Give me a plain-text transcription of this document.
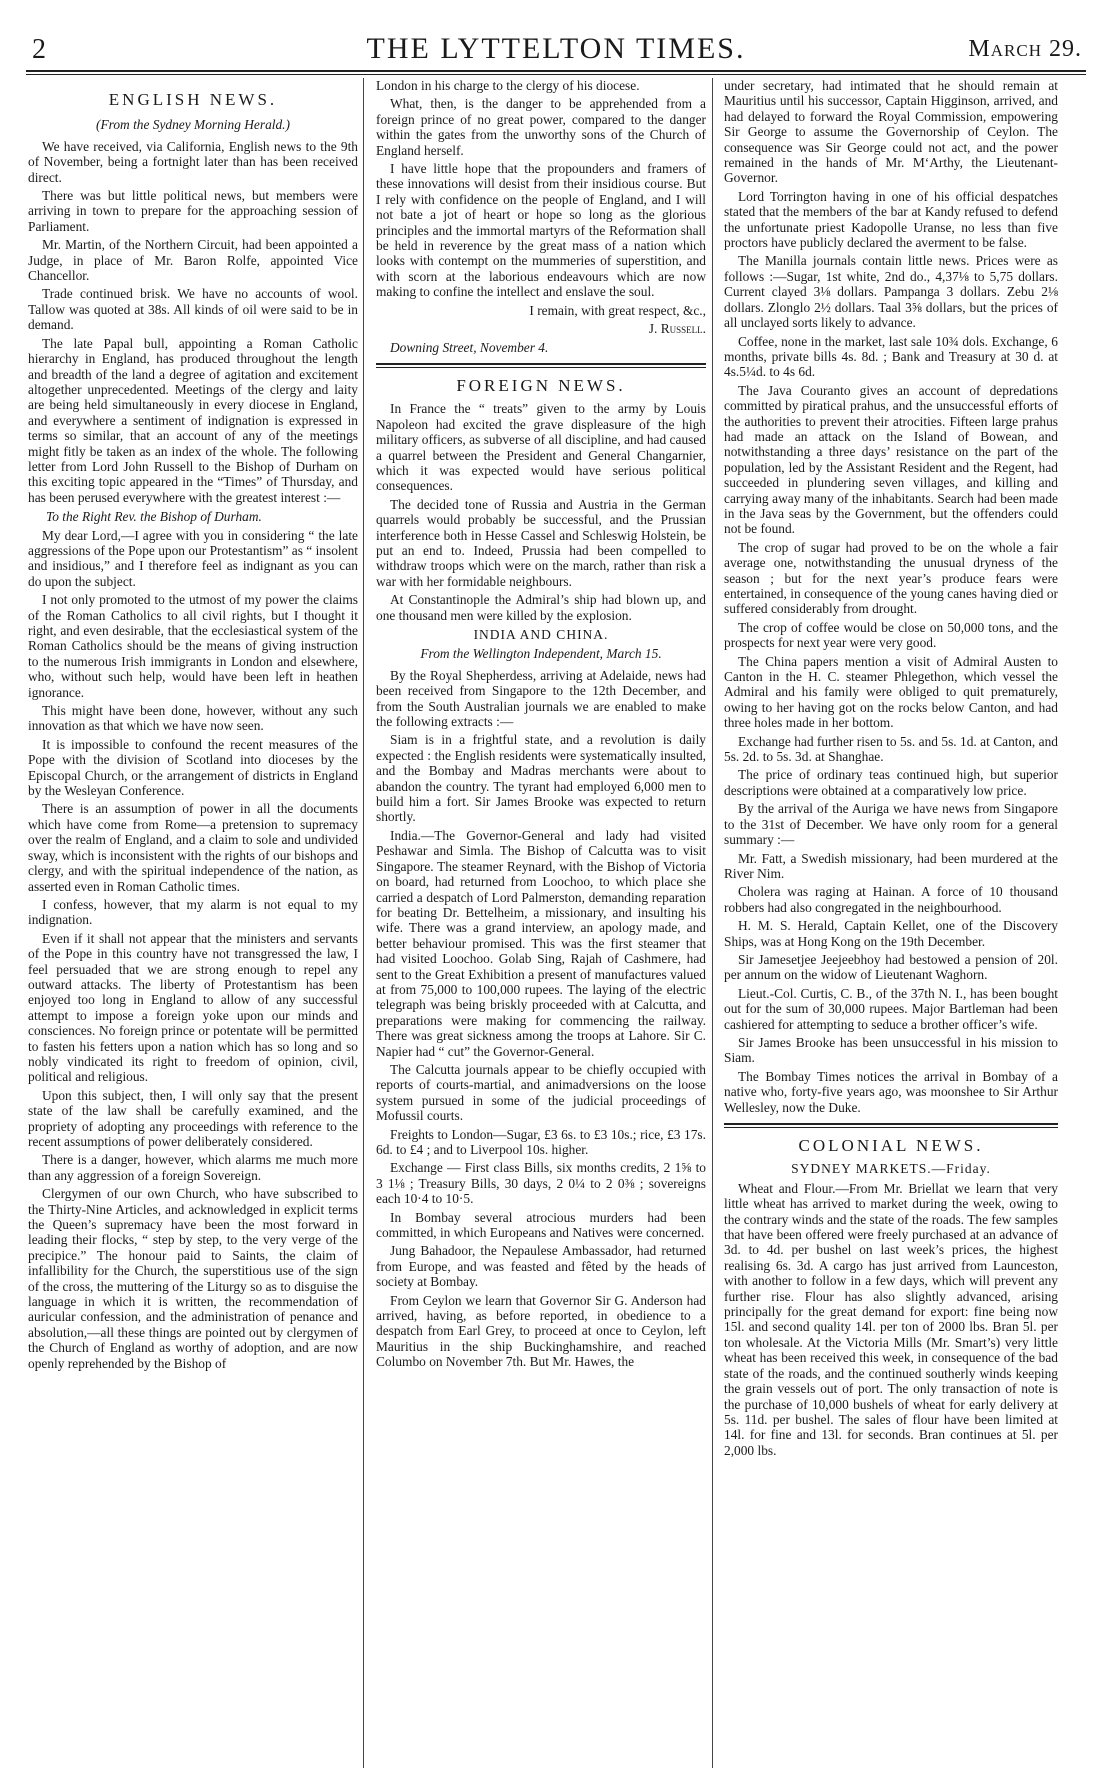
2	THE LYTTELTON TIMES.	March 29.
ENGLISH NEWS.
(From the Sydney Morning Herald.)

We have received, via California, English news to the 9th of November, being a fortnight later than has been received direct.

There was but little political news, but members were arriving in town to prepare for the approaching session of Parliament.

Mr. Martin, of the Northern Circuit, had been appointed a Judge, in place of Mr. Baron Rolfe, appointed Vice Chancellor.

Trade continued brisk. We have no accounts of wool. Tallow was quoted at 38s. All kinds of oil were said to be in demand.

The late Papal bull, appointing a Roman Catholic hierarchy in England, has produced throughout the length and breadth of the land a degree of agitation and excitement altogether unprecedented. Meetings of the clergy and laity are being held simultaneously in every diocese in England, and everywhere a sentiment of indignation is expressed in terms so similar, that an account of any of the meetings might fitly be taken as an index of the whole. The following letter from Lord John Russell to the Bishop of Durham on this exciting topic appeared in the “Times” of Thursday, and has been perused everywhere with the greatest interest :—

To the Right Rev. the Bishop of Durham.

My dear Lord,—I agree with you in considering “ the late aggressions of the Pope upon our Protestantism” as “ insolent and insidious,” and I therefore feel as indignant as you can do upon the subject.

I not only promoted to the utmost of my power the claims of the Roman Catholics to all civil rights, but I thought it right, and even desirable, that the ecclesiastical system of the Roman Catholics should be the means of giving instruction to the numerous Irish immigrants in London and elsewhere, who, without such help, would have been left in heathen ignorance.

This might have been done, however, without any such innovation as that which we have now seen.

It is impossible to confound the recent measures of the Pope with the division of Scotland into dioceses by the Episcopal Church, or the arrangement of districts in England by the Wesleyan Conference.

There is an assumption of power in all the documents which have come from Rome—a pretension to supremacy over the realm of England, and a claim to sole and undivided sway, which is inconsistent with the rights of our bishops and clergy, and with the spiritual independence of the nation, as asserted even in Roman Catholic times.

I confess, however, that my alarm is not equal to my indignation.

Even if it shall not appear that the ministers and servants of the Pope in this country have not transgressed the law, I feel persuaded that we are strong enough to repel any outward attacks. The liberty of Protestantism has been enjoyed too long in England to allow of any successful attempt to impose a foreign yoke upon our minds and consciences. No foreign prince or potentate will be permitted to fasten his fetters upon a nation which has so long and so nobly vindicated its right to freedom of opinion, civil, political and religious.

Upon this subject, then, I will only say that the present state of the law shall be carefully examined, and the propriety of adopting any proceedings with reference to the recent assumptions of power deliberately considered.

There is a danger, however, which alarms me much more than any aggression of a foreign Sovereign.

Clergymen of our own Church, who have subscribed to the Thirty-Nine Articles, and acknowledged in explicit terms the Queen’s supremacy have been the most forward in leading their flocks, “ step by step, to the very verge of the precipice.” The honour paid to Saints, the claim of infallibility for the Church, the superstitious use of the sign of the cross, the muttering of the Liturgy so as to disguise the language in which it is written, the recommendation of auricular confession, and the administration of penance and absolution,—all these things are pointed out by clergymen of the Church of England as worthy of adoption, and are now openly reprehended by the Bishop of

London in his charge to the clergy of his diocese.

What, then, is the danger to be apprehended from a foreign prince of no great power, compared to the danger within the gates from the unworthy sons of the Church of England herself.

I have little hope that the propounders and framers of these innovations will desist from their insidious course. But I rely with confidence on the people of England, and I will not bate a jot of heart or hope so long as the glorious principles and the immortal martyrs of the Reformation shall be held in reverence by the great mass of a nation which looks with contempt on the mummeries of superstition, and with scorn at the laborious endeavours which are now making to confine the intellect and enslave the soul.

I remain, with great respect, &c.,

J. Russell.

Downing Street, November 4.
FOREIGN NEWS.

In France the “ treats” given to the army by Louis Napoleon had excited the grave displeasure of the high military officers, as subverse of all discipline, and had caused a quarrel between the President and General Changarnier, which it was expected would have serious political consequences.

The decided tone of Russia and Austria in the German quarrels would probably be successful, and the Prussian interference both in Hesse Cassel and Schleswig Holstein, be put an end to. Indeed, Prussia had been compelled to withdraw troops which were on the march, rather than risk a war with her formidable neighbours.

At Constantinople the Admiral’s ship had blown up, and one thousand men were killed by the explosion.

INDIA AND CHINA.
From the Wellington Independent, March 15.

By the Royal Shepherdess, arriving at Adelaide, news had been received from Singapore to the 12th December, and from the South Australian journals we are enabled to make the following extracts :—

Siam is in a frightful state, and a revolution is daily expected : the English residents were systematically insulted, and the Bombay and Madras merchants were about to abandon the country. The tyrant had employed 6,000 men to build him a fort. Sir James Brooke was expected to return shortly.

India.—The Governor-General and lady had visited Peshawar and Simla. The Bishop of Calcutta was to visit Singapore. The steamer Reynard, with the Bishop of Victoria on board, had returned from Loochoo, to which place she carried a despatch of Lord Palmerston, demanding reparation for beating Dr. Bettelheim, a missionary, and insulting his wife. There was a grand interview, an apology made, and better behaviour promised. This was the first steamer that had visited Loochoo. Golab Sing, Rajah of Cashmere, had sent to the Great Exhibition a present of manufactures valued at from 75,000 to 100,000 rupees. The laying of the electric telegraph was being briskly proceeded with at Calcutta, and preparations were making for commencing the railway. There was great sickness among the troops at Lahore. Sir C. Napier had “ cut” the Governor-General.

The Calcutta journals appear to be chiefly occupied with reports of courts-martial, and animadversions on the loose system pursued in some of the judicial proceedings of Mofussil courts.

Freights to London—Sugar, £3 6s. to £3 10s.; rice, £3 17s. 6d. to £4 ; and to Liverpool 10s. higher.

Exchange — First class Bills, six months credits, 2 1⅝ to 3 1⅛ ; Treasury Bills, 30 days, 2 0¼ to 2 0⅜ ; sovereigns each 10·4 to 10·5.

In Bombay several atrocious murders had been committed, in which Europeans and Natives were concerned.

Jung Bahadoor, the Nepaulese Ambassador, had returned from Europe, and was feasted and fêted by the heads of society at Bombay.

From Ceylon we learn that Governor Sir G. Anderson had arrived, having, as before reported, in obedience to a despatch from Earl Grey, to proceed at once to Ceylon, left Mauritius in the ship Buckinghamshire, and reached Columbo on November 7th. But Mr. Hawes, the

under secretary, had intimated that he should remain at Mauritius until his successor, Captain Higginson, arrived, and had delayed to forward the Royal Commission, empowering Sir George to assume the Governorship of Ceylon. The consequence was Sir George could not act, and the power remained in the hands of Mr. M‘Arthy, the Lieutenant-Governor.

Lord Torrington having in one of his official despatches stated that the members of the bar at Kandy refused to defend the unfortunate priest Kadopolle Uranse, no less than five proctors have publicly declared the averment to be false.

The Manilla journals contain little news. Prices were as follows :—Sugar, 1st white, 2nd do., 4,37⅛ to 5,75 dollars. Current clayed 3⅛ dollars. Pampanga 3 dollars. Zebu 2⅛ dollars. Zlonglo 2½ dollars. Taal 3⅝ dollars, but the prices of all unclayed sorts likely to advance.

Coffee, none in the market, last sale 10¾ dols. Exchange, 6 months, private bills 4s. 8d. ; Bank and Treasury at 30 d. at 4s.5¼d. to 4s 6d.

The Java Couranto gives an account of depredations committed by piratical prahus, and the unsuccessful efforts of the authorities to prevent their atrocities. Fifteen large prahus had made an attack on the Island of Bowean, and notwithstanding a three days’ resistance on the part of the population, led by the Assistant Resident and the Regent, had succeeded in plundering seven villages, and killing and carrying away many of the inhabitants. Search had been made in the Java seas by the Government, but the offenders could not be found.

The crop of sugar had proved to be on the whole a fair average one, notwithstanding the unusual dryness of the season ; but for the next year’s produce fears were entertained, in consequence of the young canes having died or suffered considerably from drought.

The crop of coffee would be close on 50,000 tons, and the prospects for next year were very good.

The China papers mention a visit of Admiral Austen to Canton in the H. C. steamer Phlegethon, which vessel the Admiral and his family were obliged to quit prematurely, owing to her having got on the rocks below Canton, and had three holes made in her bottom.

Exchange had further risen to 5s. and 5s. 1d. at Canton, and 5s. 2d. to 5s. 3d. at Shanghae.

The price of ordinary teas continued high, but superior descriptions were obtained at a comparatively low price.

By the arrival of the Auriga we have news from Singapore to the 31st of December. We have only room for a general summary :—

Mr. Fatt, a Swedish missionary, had been murdered at the River Nim.

Cholera was raging at Hainan. A force of 10 thousand robbers had also congregated in the neighbourhood.

H. M. S. Herald, Captain Kellet, one of the Discovery Ships, was at Hong Kong on the 19th December.

Sir Jamesetjee Jeejeebhoy had bestowed a pension of 20l. per annum on the widow of Lieutenant Waghorn.

Lieut.-Col. Curtis, C. B., of the 37th N. I., has been bought out for the sum of 30,000 rupees. Major Bartleman had been cashiered for attempting to seduce a brother officer’s wife.

Sir James Brooke has been unsuccessful in his mission to Siam.

The Bombay Times notices the arrival in Bombay of a native who, forty-five years ago, was moonshee to Sir Arthur Wellesley, now the Duke.

COLONIAL NEWS.
SYDNEY MARKETS.—Friday.

Wheat and Flour.—From Mr. Briellat we learn that very little wheat has arrived to market during the week, owing to the contrary winds and the state of the roads. The few samples that have been offered were freely purchased at an advance of 3d. to 4d. per bushel on last week’s prices, the highest realising 6s. 3d. A cargo has just arrived from Launceston, with another to follow in a few days, which will prevent any further rise. Flour has also slightly advanced, arising principally for the great demand for export: fine being now 15l. and second quality 14l. per ton of 2000 lbs. Bran 5l. per ton wholesale. At the Victoria Mills (Mr. Smart’s) very little wheat has been received this week, in consequence of the bad state of the roads, and the continued southerly winds keeping the grain vessels out of port. The only transaction of note is the purchase of 10,000 bushels of wheat for early delivery at 5s. 11d. per bushel. The sales of flour have been limited at 14l. for fine and 13l. for seconds. Bran continues at 5l. per 2,000 lbs.
